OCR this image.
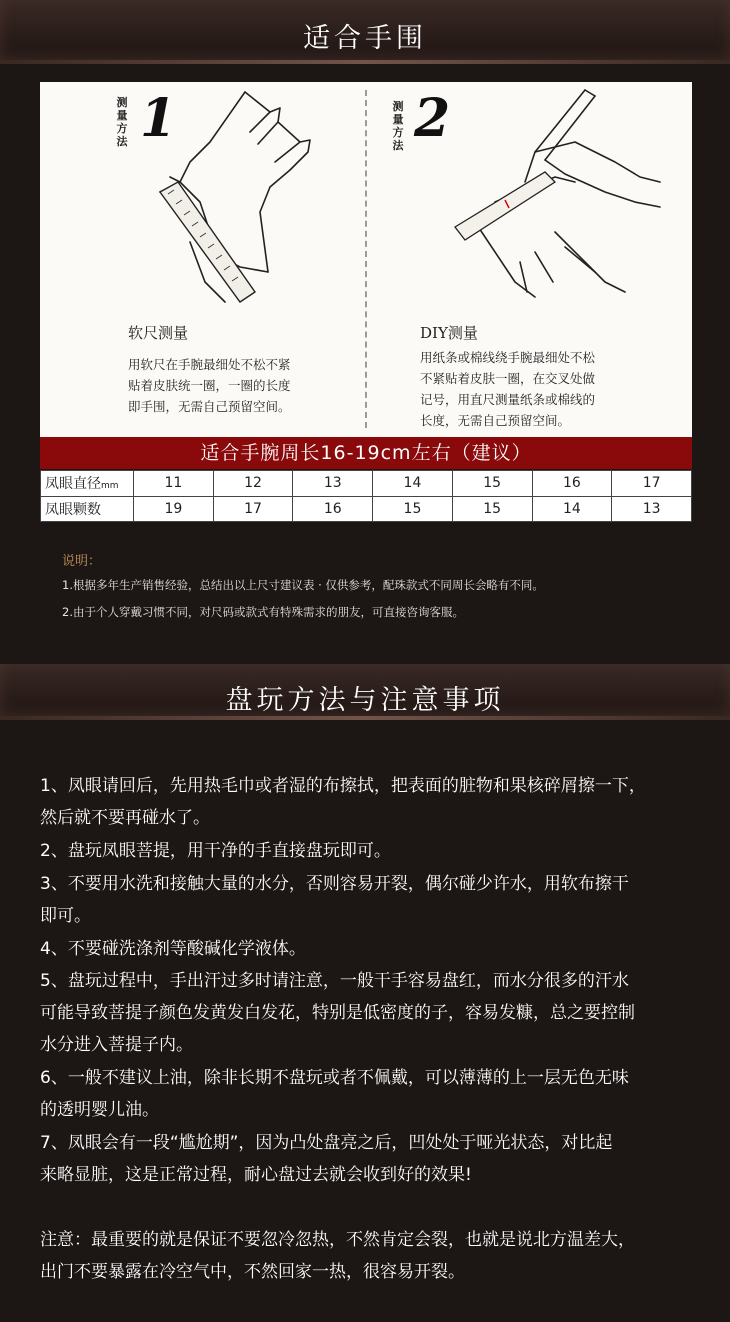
适合手围
测
量
方
法 1
软尺测量
用软尺在手腕最细处不松不紧
贴着皮肤统一圈，一圈的长度
即手围，无需自己预留空间。
测
量
方
法 2
DIY测量
用纸条或棉线绕手腕最细处不松
不紧贴着皮肤一圈，在交叉处做
记号，用直尺测量纸条或棉线的
长度，无需自己预留空间。
适合手腕周长16-19cm左右（建议）
凤眼直径mm	11	12	13	14	15	16	17
凤眼颗数	19	17	16	15	15	14	13
说明：
1.根据多年生产销售经验，总结出以上尺寸建议表 · 仅供参考，配珠款式不同周长会略有不同。
2.由于个人穿戴习惯不同，对尺码或款式有特殊需求的朋友，可直接咨询客服。
盘玩方法与注意事项
1、凤眼请回后，先用热毛巾或者湿的布擦拭，把表面的脏物和果核碎屑擦一下，
然后就不要再碰水了。
2、盘玩凤眼菩提，用干净的手直接盘玩即可。
3、不要用水洗和接触大量的水分，否则容易开裂，偶尔碰少许水，用软布擦干
即可。
4、不要碰洗涤剂等酸碱化学液体。
5、盘玩过程中，手出汗过多时请注意，一般干手容易盘红，而水分很多的汗水
可能导致菩提子颜色发黄发白发花，特别是低密度的子，容易发糠，总之要控制
水分进入菩提子内。
6、一般不建议上油，除非长期不盘玩或者不佩戴，可以薄薄的上一层无色无味
的透明婴儿油。
7、凤眼会有一段“尴尬期”，因为凸处盘亮之后，凹处处于哑光状态，对比起
来略显脏，这是正常过程，耐心盘过去就会收到好的效果!
注意：最重要的就是保证不要忽冷忽热，不然肯定会裂，也就是说北方温差大，
出门不要暴露在冷空气中，不然回家一热，很容易开裂。
